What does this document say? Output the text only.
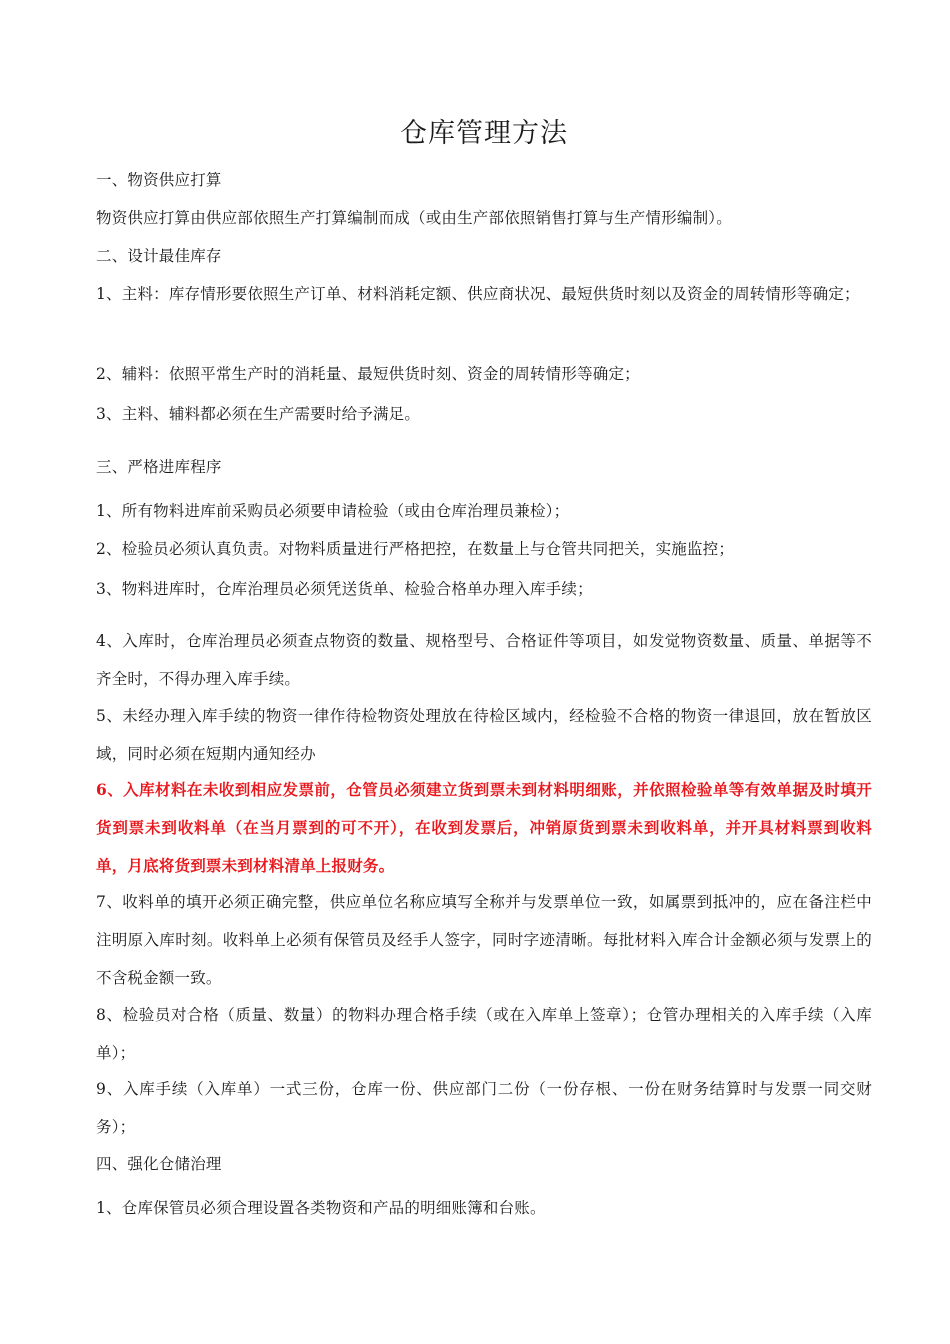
仓库管理方法
一、物资供应打算
物资供应打算由供应部依照生产打算编制而成（或由生产部依照销售打算与生产情形编制）。
二、设计最佳库存
1、主料：库存情形要依照生产订单、材料消耗定额、供应商状况、最短供货时刻以及资金的周转情形等确定；
2、辅料：依照平常生产时的消耗量、最短供货时刻、资金的周转情形等确定；
3、主料、辅料都必须在生产需要时给予满足。
三、严格进库程序
1、所有物料进库前采购员必须要申请检验（或由仓库治理员兼检）；
2、检验员必须认真负责。对物料质量进行严格把控，在数量上与仓管共同把关，实施监控；
3、物料进库时，仓库治理员必须凭送货单、检验合格单办理入库手续；
4、入库时，仓库治理员必须查点物资的数量、规格型号、合格证件等项目，如发觉物资数量、质量、单据等不齐全时，不得办理入库手续。
5、未经办理入库手续的物资一律作待检物资处理放在待检区域内，经检验不合格的物资一律退回，放在暂放区域，同时必须在短期内通知经办
6、入库材料在未收到相应发票前，仓管员必须建立货到票未到材料明细账，并依照检验单等有效单据及时填开货到票未到收料单（在当月票到的可不开），在收到发票后，冲销原货到票未到收料单，并开具材料票到收料单，月底将货到票未到材料清单上报财务。
7、收料单的填开必须正确完整，供应单位名称应填写全称并与发票单位一致，如属票到抵冲的，应在备注栏中注明原入库时刻。收料单上必须有保管员及经手人签字，同时字迹清晰。每批材料入库合计金额必须与发票上的不含税金额一致。
8、检验员对合格（质量、数量）的物料办理合格手续（或在入库单上签章）；仓管办理相关的入库手续（入库单）；
9、入库手续（入库单）一式三份，仓库一份、供应部门二份（一份存根、一份在财务结算时与发票一同交财务）；
四、强化仓储治理
1、仓库保管员必须合理设置各类物资和产品的明细账簿和台账。
